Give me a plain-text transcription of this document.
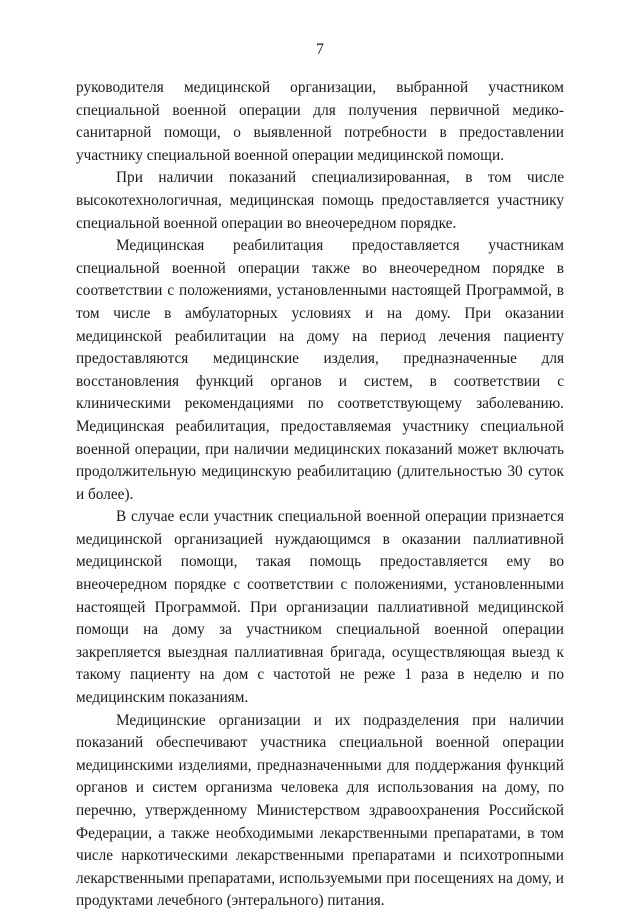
7

руководителя медицинской организации, выбранной участником специальной военной операции для получения первичной медико-санитарной помощи, о выявленной потребности в предоставлении участнику специальной военной операции медицинской помощи.

При наличии показаний специализированная, в том числе высокотехнологичная, медицинская помощь предоставляется участнику специальной военной операции во внеочередном порядке.

Медицинская реабилитация предоставляется участникам специальной военной операции также во внеочередном порядке в соответствии с положениями, установленными настоящей Программой, в том числе в амбулаторных условиях и на дому. При оказании медицинской реабилитации на дому на период лечения пациенту предоставляются медицинские изделия, предназначенные для восстановления функций органов и систем, в соответствии с клиническими рекомендациями по соответствующему заболеванию. Медицинская реабилитация, предоставляемая участнику специальной военной операции, при наличии медицинских показаний может включать продолжительную медицинскую реабилитацию (длительностью 30 суток и более).

В случае если участник специальной военной операции признается медицинской организацией нуждающимся в оказании паллиативной медицинской помощи, такая помощь предоставляется ему во внеочередном порядке с соответствии с положениями, установленными настоящей Программой. При организации паллиативной медицинской помощи на дому за участником специальной военной операции закрепляется выездная паллиативная бригада, осуществляющая выезд к такому пациенту на дом с частотой не реже 1 раза в неделю и по медицинским показаниям.

Медицинские организации и их подразделения при наличии показаний обеспечивают участника специальной военной операции медицинскими изделиями, предназначенными для поддержания функций органов и систем организма человека для использования на дому, по перечню, утвержденному Министерством здравоохранения Российской Федерации, а также необходимыми лекарственными препаратами, в том числе наркотическими лекарственными препаратами и психотропными лекарственными препаратами, используемыми при посещениях на дому, и продуктами лечебного (энтерального) питания.
